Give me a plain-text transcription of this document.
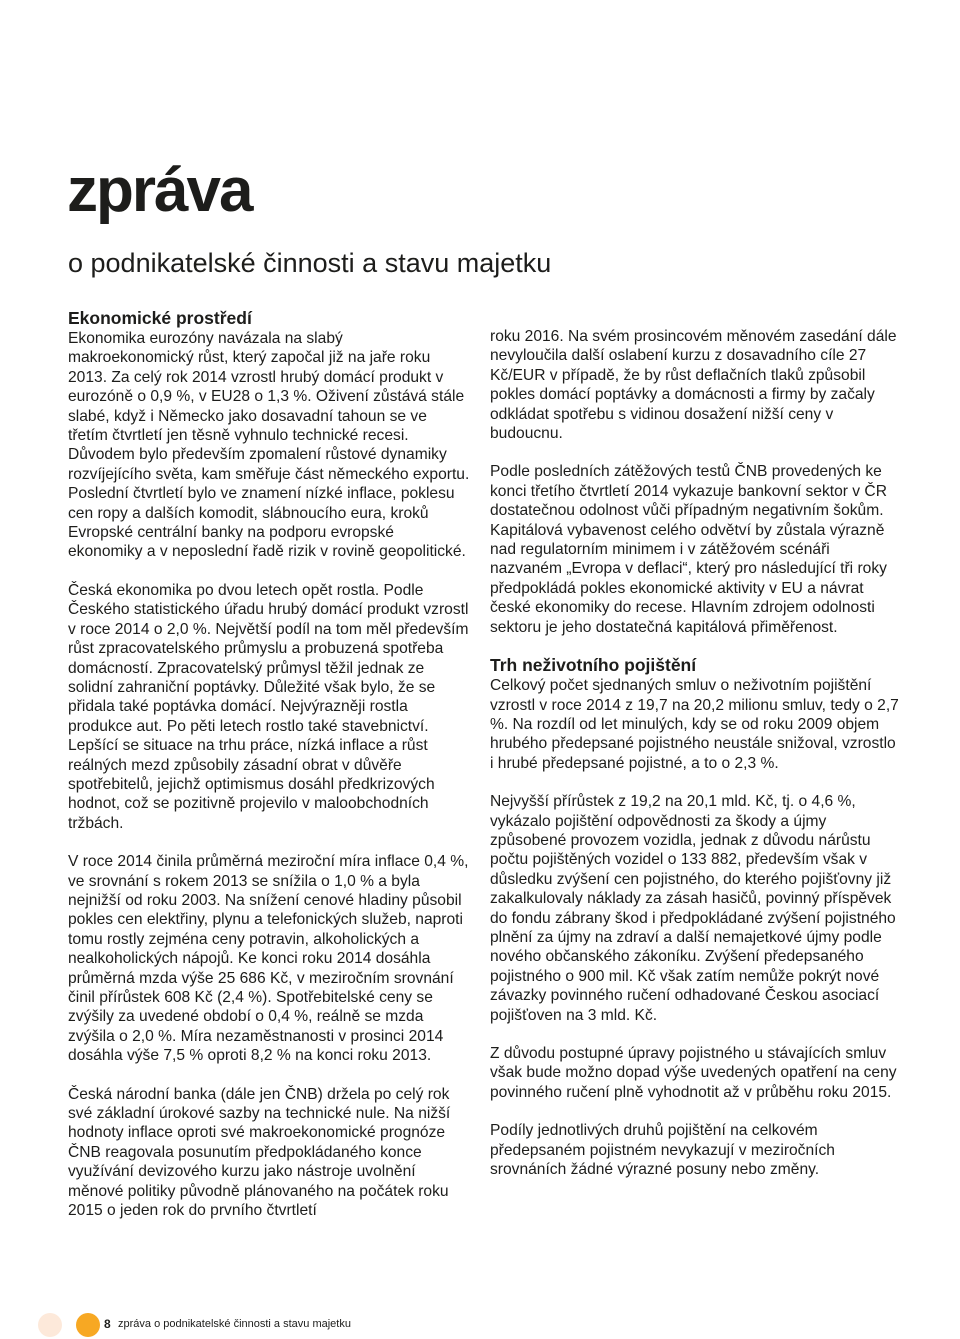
zpráva
o podnikatelské činnosti a stavu majetku
Ekonomické prostředí

Ekonomika eurozóny navázala na slabý makroekonomický růst, který započal již na jaře roku 2013. Za celý rok 2014 vzrostl hrubý domácí produkt v eurozóně o 0,9 %, v EU28 o 1,3 %. Oživení zůstává stále slabé, když i Německo jako dosavadní tahoun se ve třetím čtvrtletí jen těsně vyhnulo technické recesi. Důvodem bylo především zpomalení růstové dynamiky rozvíjejícího světa, kam směřuje část německého exportu. Poslední čtvrtletí bylo ve znamení nízké inflace, poklesu cen ropy a dalších komodit, slábnoucího eura, kroků Evropské centrální banky na podporu evropské ekonomiky a v neposlední řadě rizik v rovině geopolitické.

Česká ekonomika po dvou letech opět rostla. Podle Českého statistického úřadu hrubý domácí produkt vzrostl v roce 2014 o 2,0 %. Největší podíl na tom měl především růst zpracovatelského průmyslu a probuzená spotřeba domácností. Zpracovatelský průmysl těžil jednak ze solidní zahraniční poptávky. Důležité však bylo, že se přidala také poptávka domácí. Nejvýrazněji rostla produkce aut. Po pěti letech rostlo také stavebnictví. Lepšící se situace na trhu práce, nízká inflace a růst reálných mezd způsobily zásadní obrat v důvěře spotřebitelů, jejichž optimismus dosáhl předkrizových hodnot, což se pozitivně projevilo v maloobchodních tržbách.

V roce 2014 činila průměrná meziroční míra inflace 0,4 %, ve srovnání s rokem 2013 se snížila o 1,0 % a byla nejnižší od roku 2003. Na snížení cenové hladiny působil pokles cen elektřiny, plynu a telefonických služeb, naproti tomu rostly zejména ceny potravin, alkoholických a nealkoholických nápojů. Ke konci roku 2014 dosáhla průměrná mzda výše 25 686 Kč, v meziročním srovnání činil přírůstek 608 Kč (2,4 %). Spotřebitelské ceny se zvýšily za uvedené období o 0,4 %, reálně se mzda zvýšila o 2,0 %. Míra nezaměstnanosti v prosinci 2014 dosáhla výše 7,5 % oproti 8,2 % na konci roku 2013.

Česká národní banka (dále jen ČNB) držela po celý rok své základní úrokové sazby na technické nule. Na nižší hodnoty inflace oproti své makroekonomické prognóze ČNB reagovala posunutím předpokládaného konce využívání devizového kurzu jako nástroje uvolnění měnové politiky původně plánovaného na počátek roku 2015 o jeden rok do prvního čtvrtletí

roku 2016. Na svém prosincovém měnovém zasedání dále nevyloučila další oslabení kurzu z dosavadního cíle 27 Kč/EUR v případě, že by růst deflačních tlaků způsobil pokles domácí poptávky a domácnosti a firmy by začaly odkládat spotřebu s vidinou dosažení nižší ceny v budoucnu.

Podle posledních zátěžových testů ČNB provedených ke konci třetího čtvrtletí 2014 vykazuje bankovní sektor v ČR dostatečnou odolnost vůči případným negativním šokům. Kapitálová vybavenost celého odvětví by zůstala výrazně nad regulatorním minimem i v zátěžovém scénáři nazvaném „Evropa v deflaci“, který pro následující tři roky předpokládá pokles ekonomické aktivity v EU a návrat české ekonomiky do recese. Hlavním zdrojem odolnosti sektoru je jeho dostatečná kapitálová přiměřenost.

Trh neživotního pojištění

Celkový počet sjednaných smluv o neživotním pojištění vzrostl v roce 2014 z 19,7 na 20,2 milionu smluv, tedy o 2,7 %. Na rozdíl od let minulých, kdy se od roku 2009 objem hrubého předepsané pojistného neustále snižoval, vzrostlo i hrubé předepsané pojistné, a to o 2,3 %.

Nejvyšší přírůstek z 19,2 na 20,1 mld. Kč, tj. o 4,6 %, vykázalo pojištění odpovědnosti za škody a újmy způsobené provozem vozidla, jednak z důvodu nárůstu počtu pojištěných vozidel o 133 882, především však v důsledku zvýšení cen pojistného, do kterého pojišťovny již zakalkulovaly náklady za zásah hasičů, povinný příspěvek do fondu zábrany škod i předpokládané zvýšení pojistného plnění za újmy na zdraví a další nemajetkové újmy podle nového občanského zákoníku. Zvýšení předepsaného pojistného o 900 mil. Kč však zatím nemůže pokrýt nové závazky povinného ručení odhadované Českou asociací pojišťoven na 3 mld. Kč.

Z důvodu postupné úpravy pojistného u stávajících smluv však bude možno dopad výše uvedených opatření na ceny povinného ručení plně vyhodnotit až v průběhu roku 2015.

Podíly jednotlivých druhů pojištění na celkovém předepsaném pojistném nevykazují v meziročních srovnáních žádné výrazné posuny nebo změny.

8 zpráva o podnikatelské činnosti a stavu majetku
